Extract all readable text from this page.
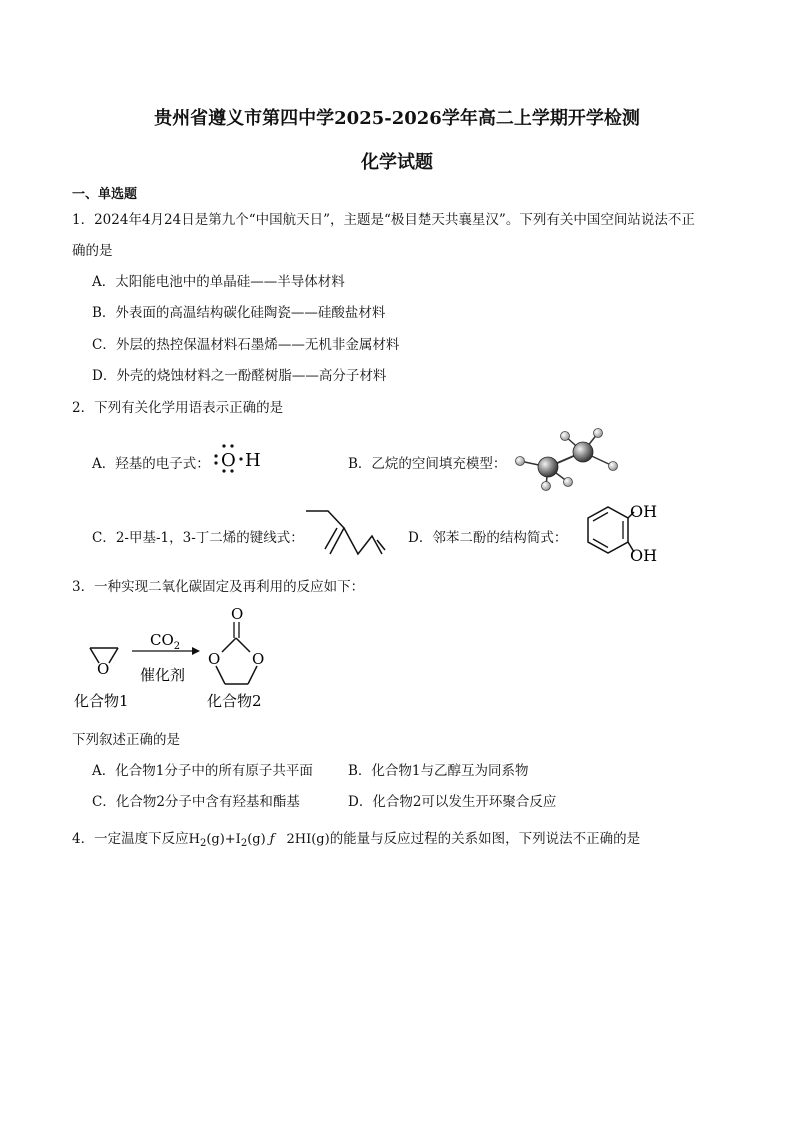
贵州省遵义市第四中学2025-2026学年高二上学期开学检测
化学试题
一、单选题
1．2024年4月24日是第九个“中国航天日”，主题是“极目楚天共襄星汉”。下列有关中国空间站说法不正
确的是
A．太阳能电池中的单晶硅——半导体材料
B．外表面的高温结构碳化硅陶瓷——硅酸盐材料
C．外层的热控保温材料石墨烯——无机非金属材料
D．外壳的烧蚀材料之一酚醛树脂——高分子材料
2．下列有关化学用语表示正确的是
A．羟基的电子式： O H	B．乙烷的空间填充模型：
C．2-甲基-1，3-丁二烯的键线式：	D．邻苯二酚的结构简式：
OH
OH
3．一种实现二氧化碳固定及再利用的反应如下：
O
$CO_2$
催化剂
O
O O
化合物1	化合物2
下列叙述正确的是
A．化合物1分子中的所有原子共平面	B．化合物1与乙醇互为同系物
C．化合物2分子中含有羟基和酯基	D．化合物2可以发生开环聚合反应
4．一定温度下反应$H_2(g)+I_2(g)$ ƒ 2HI(g)的能量与反应过程的关系如图，下列说法不正确的是
